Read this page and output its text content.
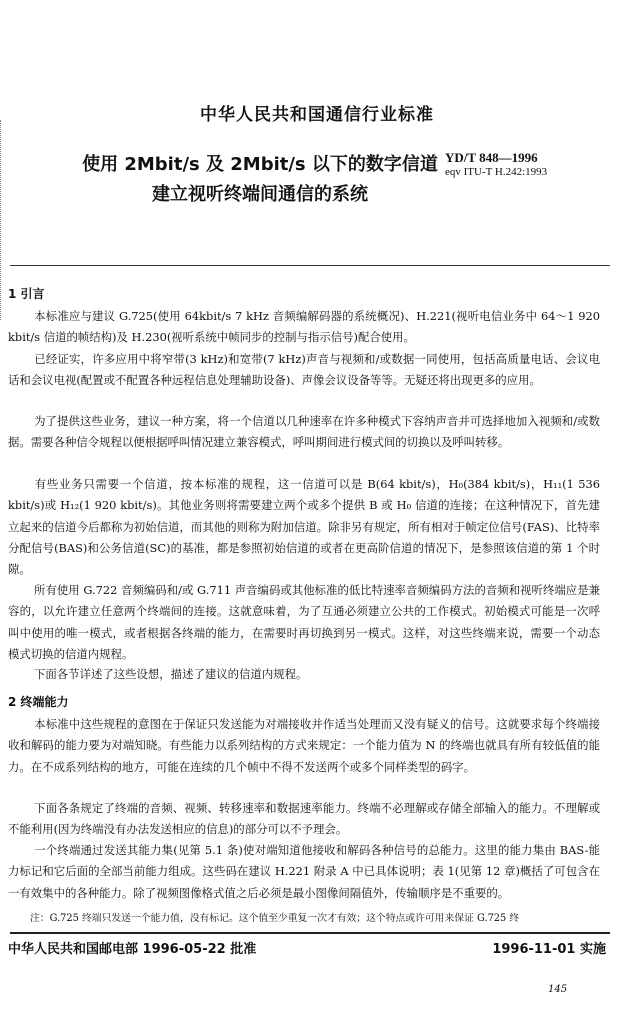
中华人民共和国通信行业标准
使用 2Mbit/s 及 2Mbit/s 以下的数字信道
建立视听终端间通信的系统
YD/T 848—1996
eqv ITU-T H.242:1993
1 引言
本标准应与建议 G.725(使用 64kbit/s 7 kHz 音频编解码器的系统概况)、H.221(视听电信业务中 64～1 920 kbit/s 信道的帧结构)及 H.230(视听系统中帧同步的控制与指示信号)配合使用。
已经证实，许多应用中将窄带(3 kHz)和宽带(7 kHz)声音与视频和/或数据一同使用，包括高质量电话、会议电话和会议电视(配置或不配置各种远程信息处理辅助设备)、声像会议设备等等。无疑还将出现更多的应用。
为了提供这些业务，建议一种方案，将一个信道以几种速率在许多种模式下容纳声音并可选择地加入视频和/或数据。需要各种信令规程以便根据呼叫情况建立兼容模式，呼叫期间进行模式间的切换以及呼叫转移。
有些业务只需要一个信道，按本标准的规程，这一信道可以是 B(64 kbit/s)，H₀(384 kbit/s)，H₁₁(1 536 kbit/s)或 H₁₂(1 920 kbit/s)。其他业务则将需要建立两个或多个提供 B 或 H₀ 信道的连接；在这种情况下，首先建立起来的信道今后都称为初始信道，而其他的则称为附加信道。除非另有规定，所有相对于帧定位信号(FAS)、比特率分配信号(BAS)和公务信道(SC)的基准，都是参照初始信道的或者在更高阶信道的情况下，是参照该信道的第 1 个时隙。
所有使用 G.722 音频编码和/或 G.711 声音编码或其他标准的低比特速率音频编码方法的音频和视听终端应是兼容的，以允许建立任意两个终端间的连接。这就意味着，为了互通必须建立公共的工作模式。初始模式可能是一次呼叫中使用的唯一模式，或者根据各终端的能力，在需要时再切换到另一模式。这样，对这些终端来说，需要一个动态模式切换的信道内规程。
下面各节详述了这些设想，描述了建议的信道内规程。
2 终端能力
本标准中这些规程的意图在于保证只发送能为对端接收并作适当处理而又没有疑义的信号。这就要求每个终端接收和解码的能力要为对端知晓。有些能力以系列结构的方式来规定：一个能力值为 N 的终端也就具有所有较低值的能力。在不成系列结构的地方，可能在连续的几个帧中不得不发送两个或多个同样类型的码字。
下面各条规定了终端的音频、视频、转移速率和数据速率能力。终端不必理解或存储全部输入的能力。不理解或不能利用(因为终端没有办法发送相应的信息)的部分可以不予理会。
一个终端通过发送其能力集(见第 5.1 条)使对端知道他接收和解码各种信号的总能力。这里的能力集由 BAS-能力标记和它后面的全部当前能力组成。这些码在建议 H.221 附录 A 中已具体说明；表 1(见第 12 章)概括了可包含在一有效集中的各种能力。除了视频图像格式值之后必须是最小图像间隔值外，传输顺序是不重要的。
注：G.725 终端只发送一个能力值，没有标记。这个值至少重复一次才有效；这个特点或许可用来保证 G.725 终
中华人民共和国邮电部 1996-05-22 批准	1996-11-01 实施
145
